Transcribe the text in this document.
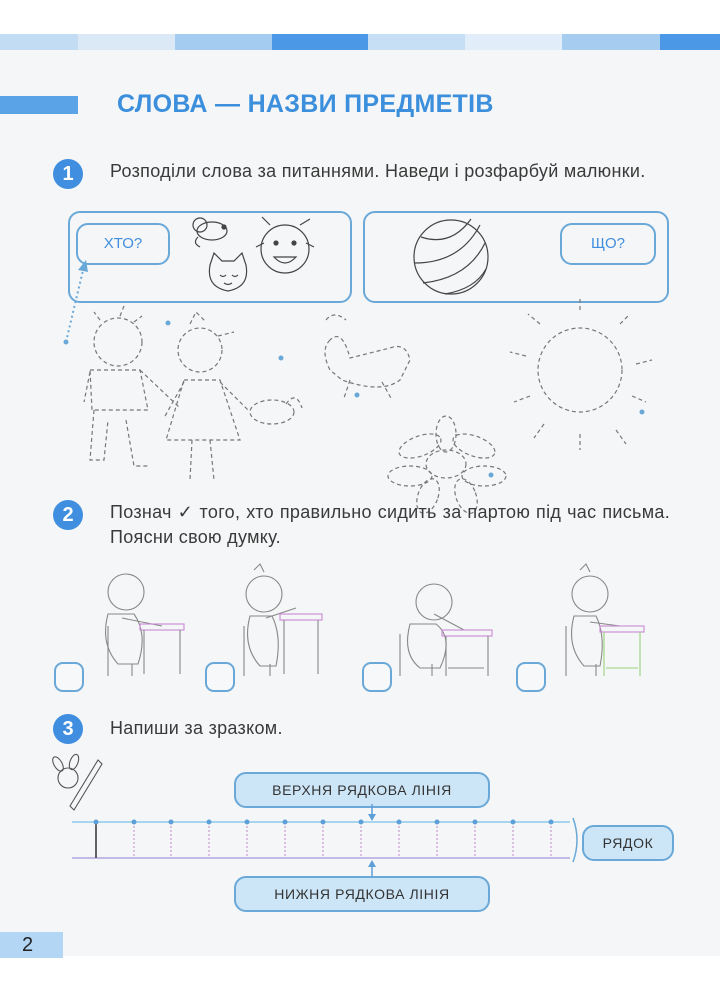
СЛОВА — НАЗВИ ПРЕДМЕТІВ
1	Розподіли слова за питаннями. Наведи і розфарбуй малюнки.
ХТО?	ЩО?
2	Познач ✓ того, хто правильно сидить за партою під час письма. Поясни свою думку.
3	Напиши за зразком.
ВЕРХНЯ РЯДКОВА ЛІНІЯ
НИЖНЯ РЯДКОВА ЛІНІЯ
РЯДОК
2
